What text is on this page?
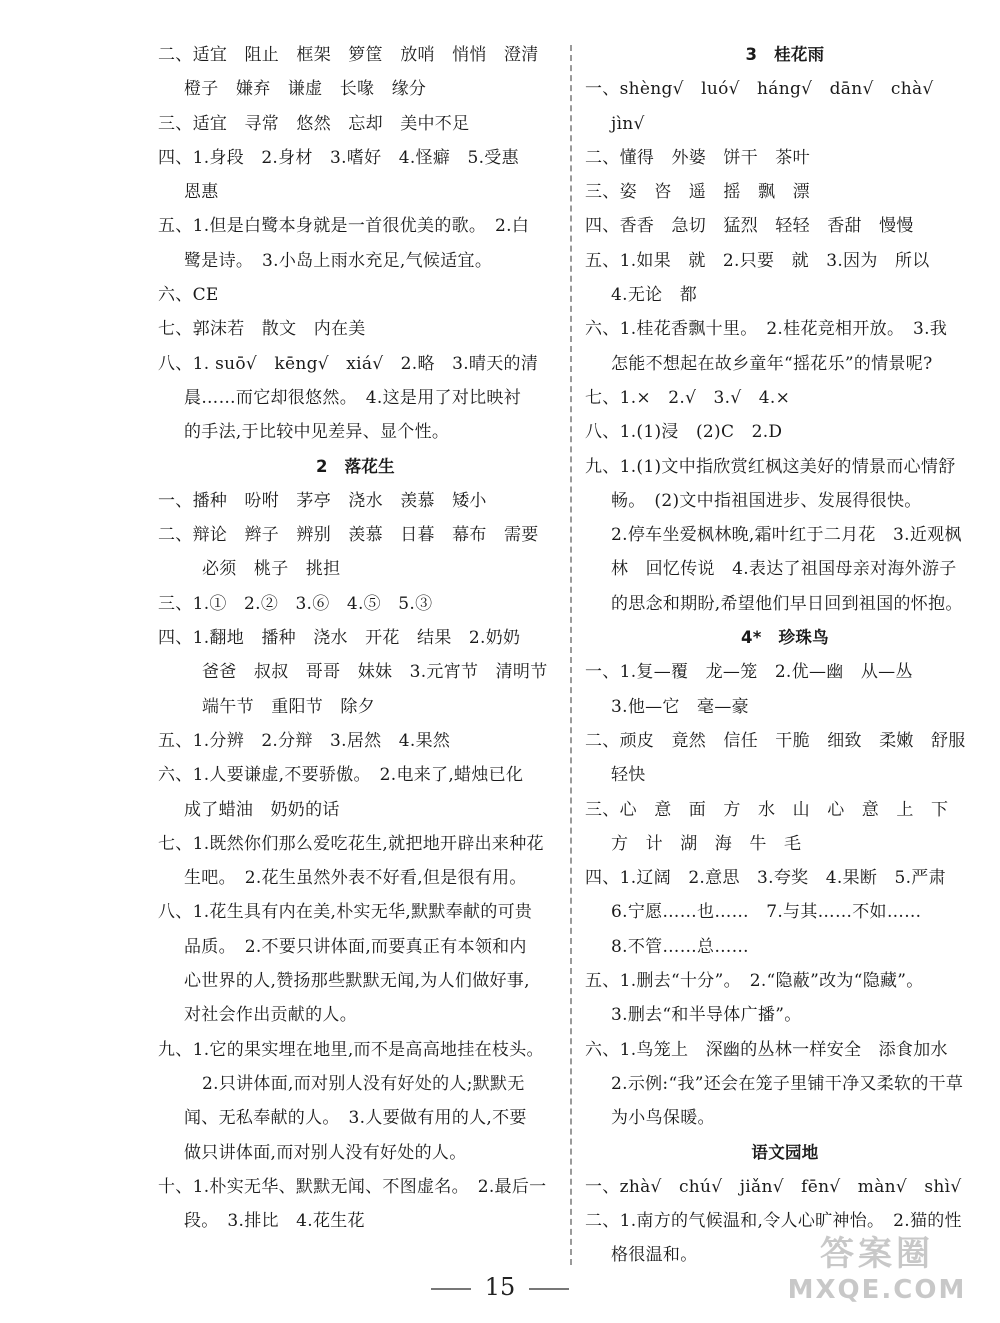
二、适宜　阻止　框架　箩筐　放哨　悄悄　澄清
橙子　嫌弃　谦虚　长喙　缘分
三、适宜　寻常　悠然　忘却　美中不足
四、1.身段　2.身材　3.嗜好　4.怪癖　5.受惠
恩惠
五、1.但是白鹭本身就是一首很优美的歌。　2.白
鹭是诗。　3.小岛上雨水充足,气候适宜。
六、CE
七、郭沫若　散文　内在美
八、1. suō√　kēng√　xiá√　2.略　3.晴天的清
晨……而它却很悠然。　4.这是用了对比映衬
的手法,于比较中见差异、显个性。
2　落花生
一、播种　吩咐　茅亭　浇水　羡慕　矮小
二、辩论　辫子　辨别　羡慕　日暮　幕布　需要
必须　桃子　挑担
三、1.①　2.②　3.⑥　4.⑤　5.③
四、1.翻地　播种　浇水　开花　结果　2.奶奶
爸爸　叔叔　哥哥　妹妹　3.元宵节　清明节
端午节　重阳节　除夕
五、1.分辨　2.分辩　3.居然　4.果然
六、1.人要谦虚,不要骄傲。　2.电来了,蜡烛已化
成了蜡油　奶奶的话
七、1.既然你们那么爱吃花生,就把地开辟出来种花
生吧。　2.花生虽然外表不好看,但是很有用。
八、1.花生具有内在美,朴实无华,默默奉献的可贵
品质。　2.不要只讲体面,而要真正有本领和内
心世界的人,赞扬那些默默无闻,为人们做好事,
对社会作出贡献的人。
九、1.它的果实埋在地里,而不是高高地挂在枝头。
2.只讲体面,而对别人没有好处的人;默默无
闻、无私奉献的人。　3.人要做有用的人,不要
做只讲体面,而对别人没有好处的人。
十、1.朴实无华、默默无闻、不图虚名。　2.最后一
段。　3.排比　4.花生花
3　桂花雨
一、shèng√　luó√　háng√　dān√　chà√
jìn√
二、懂得　外婆　饼干　茶叶
三、姿　咨　遥　摇　飘　漂
四、香香　急切　猛烈　轻轻　香甜　慢慢
五、1.如果　就　2.只要　就　3.因为　所以
4.无论　都
六、1.桂花香飘十里。　2.桂花竞相开放。　3.我
怎能不想起在故乡童年“摇花乐”的情景呢?
七、1.×　2.√　3.√　4.×
八、1.(1)浸　(2)C　2.D
九、1.(1)文中指欣赏红枫这美好的情景而心情舒
畅。　(2)文中指祖国进步、发展得很快。
2.停车坐爱枫林晚,霜叶红于二月花　3.近观枫
林　回忆传说　4.表达了祖国母亲对海外游子
的思念和期盼,希望他们早日回到祖国的怀抱。
4*　珍珠鸟
一、1.复—覆　龙—笼　2.优—幽　从—丛
3.他—它　毫—豪
二、顽皮　竟然　信任　干脆　细致　柔嫩　舒服
轻快
三、心　意　面　方　水　山　心　意　上　下
方　计　湖　海　牛　毛
四、1.辽阔　2.意思　3.夸奖　4.果断　5.严肃
6.宁愿……也……　7.与其……不如……
8.不管……总……
五、1.删去“十分”。　2.“隐蔽”改为“隐藏”。
3.删去“和半导体广播”。
六、1.鸟笼上　深幽的丛林一样安全　添食加水
2.示例:“我”还会在笼子里铺干净又柔软的干草
为小鸟保暖。
语文园地
一、zhà√　chú√　jiǎn√　fēn√　màn√　shì√
二、1.南方的气候温和,令人心旷神怡。　2.猫的性
格很温和。
15
答案圈
MXQE.COM
